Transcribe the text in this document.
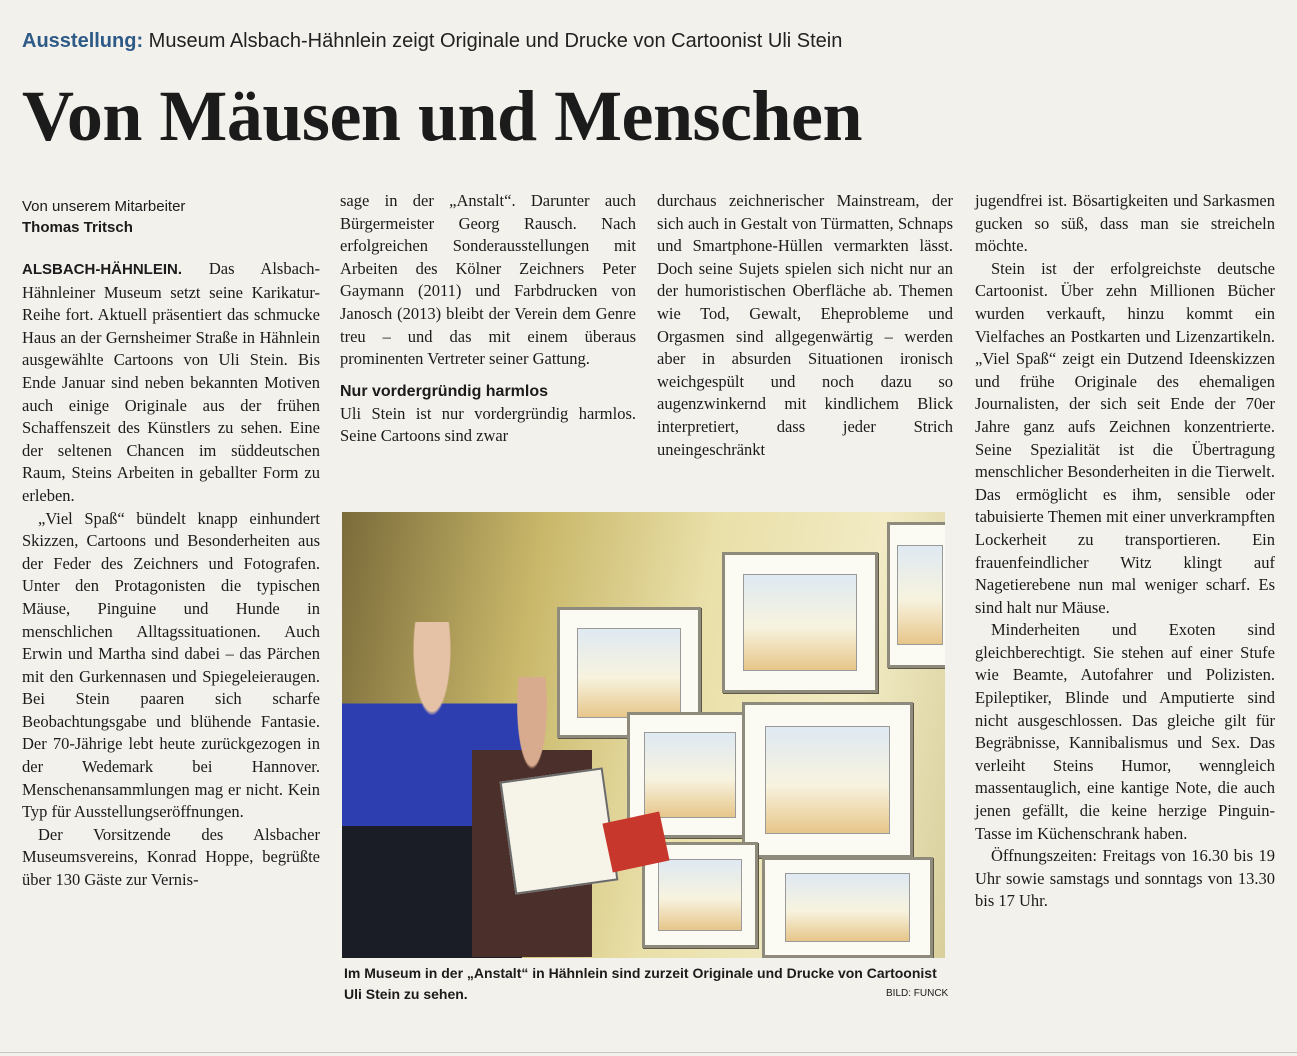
Ausstellung: Museum Alsbach-Hähnlein zeigt Originale und Drucke von Cartoonist Uli Stein
Von Mäusen und Menschen
Von unserem Mitarbeiter
Thomas Tritsch

ALSBACH-HÄHNLEIN. Das Alsbach-Hähnleiner Museum setzt seine Karikatur-Reihe fort. Aktuell präsentiert das schmucke Haus an der Gernsheimer Straße in Hähnlein ausgewählte Cartoons von Uli Stein. Bis Ende Januar sind neben bekannten Motiven auch einige Originale aus der frühen Schaffenszeit des Künstlers zu sehen. Eine der seltenen Chancen im süddeutschen Raum, Steins Arbeiten in geballter Form zu erleben.

„Viel Spaß“ bündelt knapp einhundert Skizzen, Cartoons und Besonderheiten aus der Feder des Zeichners und Fotografen. Unter den Protagonisten die typischen Mäuse, Pinguine und Hunde in menschlichen Alltagssituationen. Auch Erwin und Martha sind dabei – das Pärchen mit den Gurkennasen und Spiegeleieraugen. Bei Stein paaren sich scharfe Beobachtungsgabe und blühende Fantasie. Der 70-Jährige lebt heute zurückgezogen in der Wedemark bei Hannover. Menschenansammlungen mag er nicht. Kein Typ für Ausstellungseröffnungen.

Der Vorsitzende des Alsbacher Museumsvereins, Konrad Hoppe, begrüßte über 130 Gäste zur Vernis-

sage in der „Anstalt“. Darunter auch Bürgermeister Georg Rausch. Nach erfolgreichen Sonderausstellungen mit Arbeiten des Kölner Zeichners Peter Gaymann (2011) und Farbdrucken von Janosch (2013) bleibt der Verein dem Genre treu – und das mit einem überaus prominenten Vertreter seiner Gattung.

Nur vordergründig harmlos

Uli Stein ist nur vordergründig harmlos. Seine Cartoons sind zwar

durchaus zeichnerischer Mainstream, der sich auch in Gestalt von Türmatten, Schnaps und Smartphone-Hüllen vermarkten lässt. Doch seine Sujets spielen sich nicht nur an der humoristischen Oberfläche ab. Themen wie Tod, Gewalt, Eheprobleme und Orgasmen sind allgegenwärtig – werden aber in absurden Situationen ironisch weichgespült und noch dazu so augenzwinkernd mit kindlichem Blick interpretiert, dass jeder Strich uneingeschränkt

jugendfrei ist. Bösartigkeiten und Sarkasmen gucken so süß, dass man sie streicheln möchte.

Stein ist der erfolgreichste deutsche Cartoonist. Über zehn Millionen Bücher wurden verkauft, hinzu kommt ein Vielfaches an Postkarten und Lizenzartikeln. „Viel Spaß“ zeigt ein Dutzend Ideenskizzen und frühe Originale des ehemaligen Journalisten, der sich seit Ende der 70er Jahre ganz aufs Zeichnen konzentrierte. Seine Spezialität ist die Übertragung menschlicher Besonderheiten in die Tierwelt. Das ermöglicht es ihm, sensible oder tabuisierte Themen mit einer unverkrampften Lockerheit zu transportieren. Ein frauenfeindlicher Witz klingt auf Nagetierebene nun mal weniger scharf. Es sind halt nur Mäuse.

Minderheiten und Exoten sind gleichberechtigt. Sie stehen auf einer Stufe wie Beamte, Autofahrer und Polizisten. Epileptiker, Blinde und Amputierte sind nicht ausgeschlossen. Das gleiche gilt für Begräbnisse, Kannibalismus und Sex. Das verleiht Steins Humor, wenngleich massentauglich, eine kantige Note, die auch jenen gefällt, die keine herzige Pinguin-Tasse im Küchenschrank haben.

Öffnungszeiten: Freitags von 16.30 bis 19 Uhr sowie samstags und sonntags von 13.30 bis 17 Uhr.

Im Museum in der „Anstalt“ in Hähnlein sind zurzeit Originale und Drucke von Cartoonist Uli Stein zu sehen.	BILD: FUNCK
